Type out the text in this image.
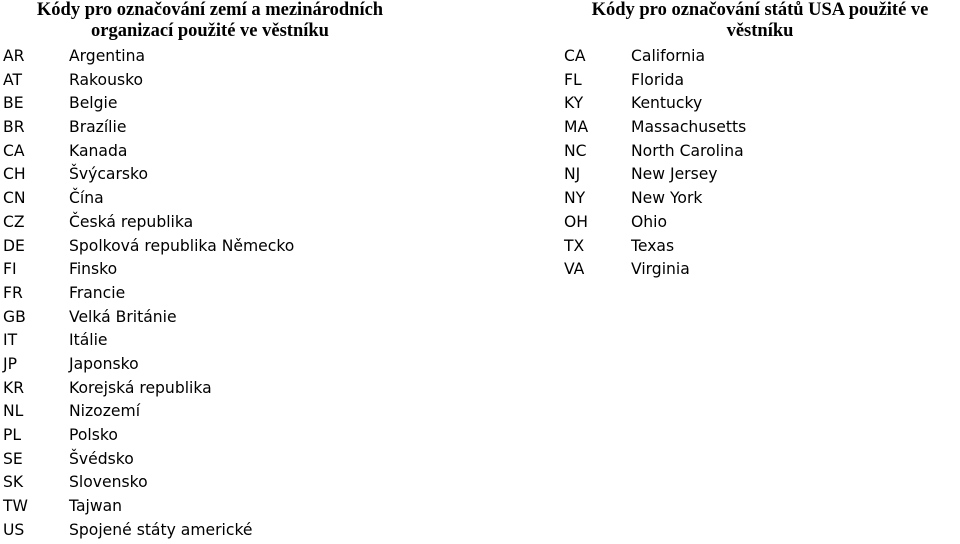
Kódy pro označování zemí a mezinárodních
organizací použité ve věstníku
AR	Argentina
AT	Rakousko
BE	Belgie
BR	Brazílie
CA	Kanada
CH	Švýcarsko
CN	Čína
CZ	Česká republika
DE	Spolková republika Německo
FI	Finsko
FR	Francie
GB	Velká Británie
IT	Itálie
JP	Japonsko
KR	Korejská republika
NL	Nizozemí
PL	Polsko
SE	Švédsko
SK	Slovensko
TW	Tajwan
US	Spojené státy americké
Kódy pro označování států USA použité ve
věstníku
CA	California
FL	Florida
KY	Kentucky
MA	Massachusetts
NC	North Carolina
NJ	New Jersey
NY	New York
OH	Ohio
TX	Texas
VA	Virginia
